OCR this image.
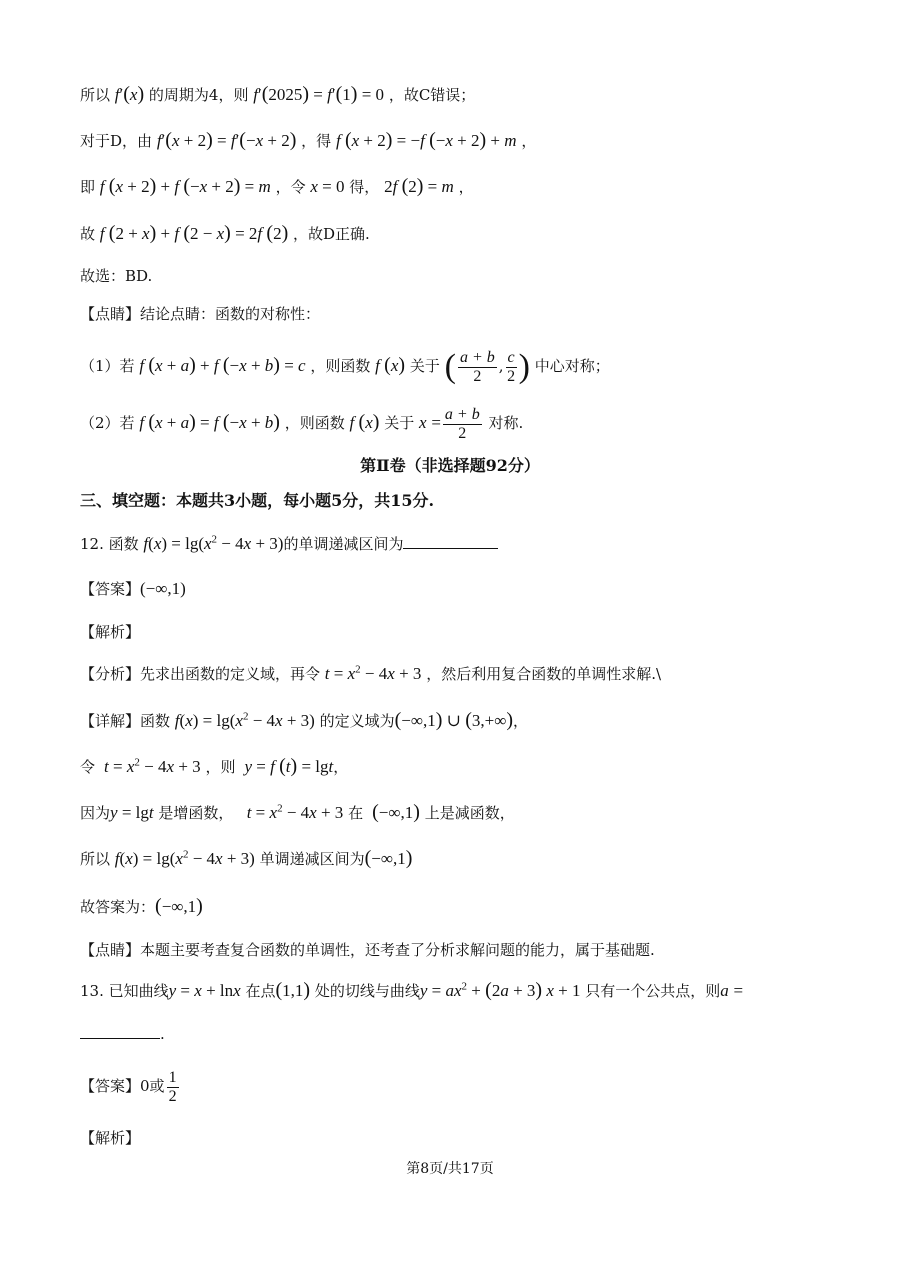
所以 f′(x) 的周期为4，则 f′(2025) = f′(1) = 0 ，故C错误；
对于D，由 f′(x + 2) = f′(−x + 2) ，得 f (x + 2) = −f (−x + 2) + m ，
即 f (x + 2) + f (−x + 2) = m ，令 x = 0 得， 2f (2) = m ，
故 f (2 + x) + f (2 − x) = 2f (2) ，故D正确.
故选：BD.
【点睛】结论点睛：函数的对称性：
（1）若 f (x + a) + f (−x + b) = c ，则函数 f (x) 关于 ( $\frac{a + b}{2}$ , $\frac{c}{2}$ ) 中心对称；
（2）若 f (x + a) = f (−x + b) ，则函数 f (x) 关于 $x = \frac{a + b}{2}$ 对称.
第Ⅱ卷（非选择题92分）
三、填空题：本题共3小题，每小题5分，共15分.
12. 函数 $f(x) = \lg(x^2 - 4x + 3)$的单调递减区间为
【答案】(−∞,1)
【解析】
【分析】先求出函数的定义域，再令 $t = x^2 - 4x + 3$ ，然后利用复合函数的单调性求解.\
【详解】函数 $f(x) = \lg(x^2 - 4x + 3)$ 的定义域为(−∞,1) ∪ (3,+∞)，
令 $t = x^2 - 4x + 3$ ，则 y = f (t) = lgt，
因为y = lgt 是增函数， $t = x^2 - 4x + 3$ 在 (−∞,1) 上是减函数，
所以 $f(x) = \lg(x^2 - 4x + 3)$ 单调递减区间为(−∞,1)
故答案为：(−∞,1)
【点睛】本题主要考查复合函数的单调性，还考查了分析求解问题的能力，属于基础题.
13. 已知曲线y = x + lnx 在点(1,1) 处的切线与曲线$y = ax^2 + (2a + 3) x + 1$ 只有一个公共点，则a =
.
【答案】0或 $\frac{1}{2}$
【解析】
第8页/共17页
